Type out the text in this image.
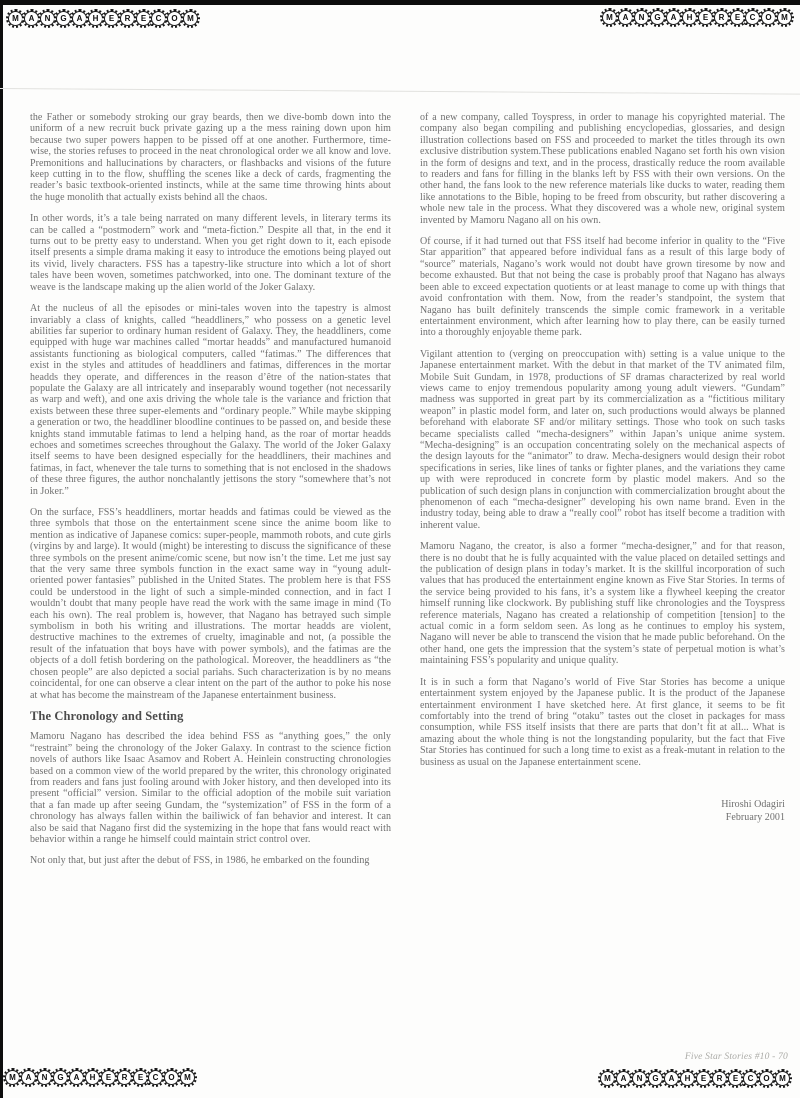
M	A	N	G	A	H	E	R	E	C	O	M	M	A	N	G	A	H	E	R	E	C	O	M

the Father or somebody stroking our gray beards, then we dive-bomb down into the uniform of a new recruit buck private gazing up a the mess raining down upon him because two super powers happen to be pissed off at one another. Furthermore, time-wise, the stories refuses to proceed in the neat chronological order we all know and love. Premonitions and hallucinations by characters, or flashbacks and visions of the future keep cutting in to the flow, shuffling the scenes like a deck of cards, fragmenting the reader’s basic textbook-oriented instincts, while at the same time throwing hints about the huge monolith that actually exists behind all the chaos.

In other words, it’s a tale being narrated on many different levels, in literary terms its can be called a “postmodern” work and “meta-fiction.” Despite all that, in the end it turns out to be pretty easy to understand. When you get right down to it, each episode itself presents a simple drama making it easy to introduce the emotions being played out its vivid, lively characters. FSS has a tapestry-like structure into which a lot of short tales have been woven, sometimes patchworked, into one. The dominant texture of the weave is the landscape making up the alien world of the Joker Galaxy.

At the nucleus of all the episodes or mini-tales woven into the tapestry is almost invariably a class of knights, called “headdliners,” who possess on a genetic level abilities far superior to ordinary human resident of Galaxy. They, the headdliners, come equipped with huge war machines called “mortar headds” and manufactured humanoid assistants functioning as biological computers, called “fatimas.” The differences that exist in the styles and attitudes of headdliners and fatimas, differences in the mortar headds they operate, and differences in the reason d’être of the nation-states that populate the Galaxy are all intricately and inseparably wound together (not necessarily as warp and weft), and one axis driving the whole tale is the variance and friction that exists between these three super-elements and “ordinary people.” While maybe skipping a generation or two, the headdliner bloodline continues to be passed on, and beside these knights stand immutable fatimas to lend a helping hand, as the roar of mortar headds echoes and sometimes screeches throughout the Galaxy. The world of the Joker Galaxy itself seems to have been designed especially for the headdliners, their machines and fatimas, in fact, whenever the tale turns to something that is not enclosed in the shadows of these three figures, the author nonchalantly jettisons the story “somewhere that’s not in Joker.”

On the surface, FSS’s headdliners, mortar headds and fatimas could be viewed as the three symbols that those on the entertainment scene since the anime boom like to mention as indicative of Japanese comics: super-people, mammoth robots, and cute girls (virgins by and large). It would (might) be interesting to discuss the significance of these three symbols on the present anime/comic scene, but now isn’t the time. Let me just say that the very same three symbols function in the exact same way in “young adult-oriented power fantasies” published in the United States. The problem here is that FSS could be understood in the light of such a simple-minded connection, and in fact I wouldn’t doubt that many people have read the work with the same image in mind (To each his own). The real problem is, however, that Nagano has betrayed such simple symbolism in both his writing and illustrations. The mortar headds are violent, destructive machines to the extremes of cruelty, imaginable and not, (a possible the result of the infatuation that boys have with power symbols), and the fatimas are the objects of a doll fetish bordering on the pathological. Moreover, the headdliners as “the chosen people” are also depicted a social pariahs. Such characterization is by no means coincidental, for one can observe a clear intent on the part of the author to poke his nose at what has become the mainstream of the Japanese entertainment business.

The Chronology and Setting

Mamoru Nagano has described the idea behind FSS as “anything goes,” the only “restraint” being the chronology of the Joker Galaxy. In contrast to the science fiction novels of authors like Isaac Asamov and Robert A. Heinlein constructing chronologies based on a common view of the world prepared by the writer, this chronology originated from readers and fans just fooling around with Joker history, and then developed into its present “official” version. Similar to the official adoption of the mobile suit variation that a fan made up after seeing Gundam, the “systemization” of FSS in the form of a chronology has always fallen within the bailiwick of fan behavior and interest. It can also be said that Nagano first did the systemizing in the hope that fans would react with behavior within a range he himself could maintain strict control over.

Not only that, but just after the debut of FSS, in 1986, he embarked on the founding

of a new company, called Toyspress, in order to manage his copyrighted material. The company also began compiling and publishing encyclopedias, glossaries, and design illustration collections based on FSS and proceeded to market the titles through its own exclusive distribution system.These publications enabled Nagano set forth his own vision in the form of designs and text, and in the process, drastically reduce the room available to readers and fans for filling in the blanks left by FSS with their own versions. On the other hand, the fans look to the new reference materials like ducks to water, reading them like annotations to the Bible, hoping to be freed from obscurity, but rather discovering a whole new tale in the process. What they discovered was a whole new, original system invented by Mamoru Nagano all on his own.

Of course, if it had turned out that FSS itself had become inferior in quality to the “Five Star apparition” that appeared before individual fans as a result of this large body of “source” materials, Nagano’s work would not doubt have grown tiresome by now and become exhausted. But that not being the case is probably proof that Nagano has always been able to exceed expectation quotients or at least manage to come up with things that avoid confrontation with them. Now, from the reader’s standpoint, the system that Nagano has built definitely transcends the simple comic framework in a veritable entertainment environment, which after learning how to play there, can be easily turned into a thoroughly enjoyable theme park.

Vigilant attention to (verging on preoccupation with) setting is a value unique to the Japanese entertainment market. With the debut in that market of the TV animated film, Mobile Suit Gundam, in 1978, productions of SF dramas characterized by real world views came to enjoy tremendous popularity among young adult viewers. “Gundam” madness was supported in great part by its commercialization as a “fictitious military weapon” in plastic model form, and later on, such productions would always be planned beforehand with elaborate SF and/or military settings. Those who took on such tasks became specialists called “mecha-designers” within Japan’s unique anime system. “Mecha-designing” is an occupation concentrating solely on the mechanical aspects of the design layouts for the “animator” to draw. Mecha-designers would design their robot specifications in series, like lines of tanks or fighter planes, and the variations they came up with were reproduced in concrete form by plastic model makers. And so the publication of such design plans in conjunction with commercialization brought about the phenomenon of each “mecha-designer” developing his own name brand. Even in the industry today, being able to draw a “really cool” robot has itself become a tradition with inherent value.

Mamoru Nagano, the creator, is also a former “mecha-designer,” and for that reason, there is no doubt that he is fully acquainted with the value placed on detailed settings and the publication of design plans in today’s market. It is the skillful incorporation of such values that has produced the entertainment engine known as Five Star Stories. In terms of the service being provided to his fans, it’s a system like a flywheel keeping the creator himself running like clockwork. By publishing stuff like chronologies and the Toyspress reference materials, Nagano has created a relationship of competition [tension] to the actual comic in a form seldom seen. As long as he continues to employ his system, Nagano will never be able to transcend the vision that he made public beforehand. On the other hand, one gets the impression that the system’s state of perpetual motion is what’s maintaining FSS’s popularity and unique quality.

It is in such a form that Nagano’s world of Five Star Stories has become a unique entertainment system enjoyed by the Japanese public. It is the product of the Japanese entertainment environment I have sketched here. At first glance, it seems to be fit comfortably into the trend of bring “otaku” tastes out the closet in packages for mass consumption, while FSS itself insists that there are parts that don’t fit at all... What is amazing about the whole thing is not the longstanding popularity, but the fact that Five Star Stories has continued for such a long time to exist as a freak-mutant in relation to the business as usual on the Japanese entertainment scene.

Hiroshi Odagiri
February 2001
Five Star Stories #10 - 70
M	A	N	G	A	H	E	R	E	C	O	M	M	A	N	G	A	H	E	R	E	C	O	M
